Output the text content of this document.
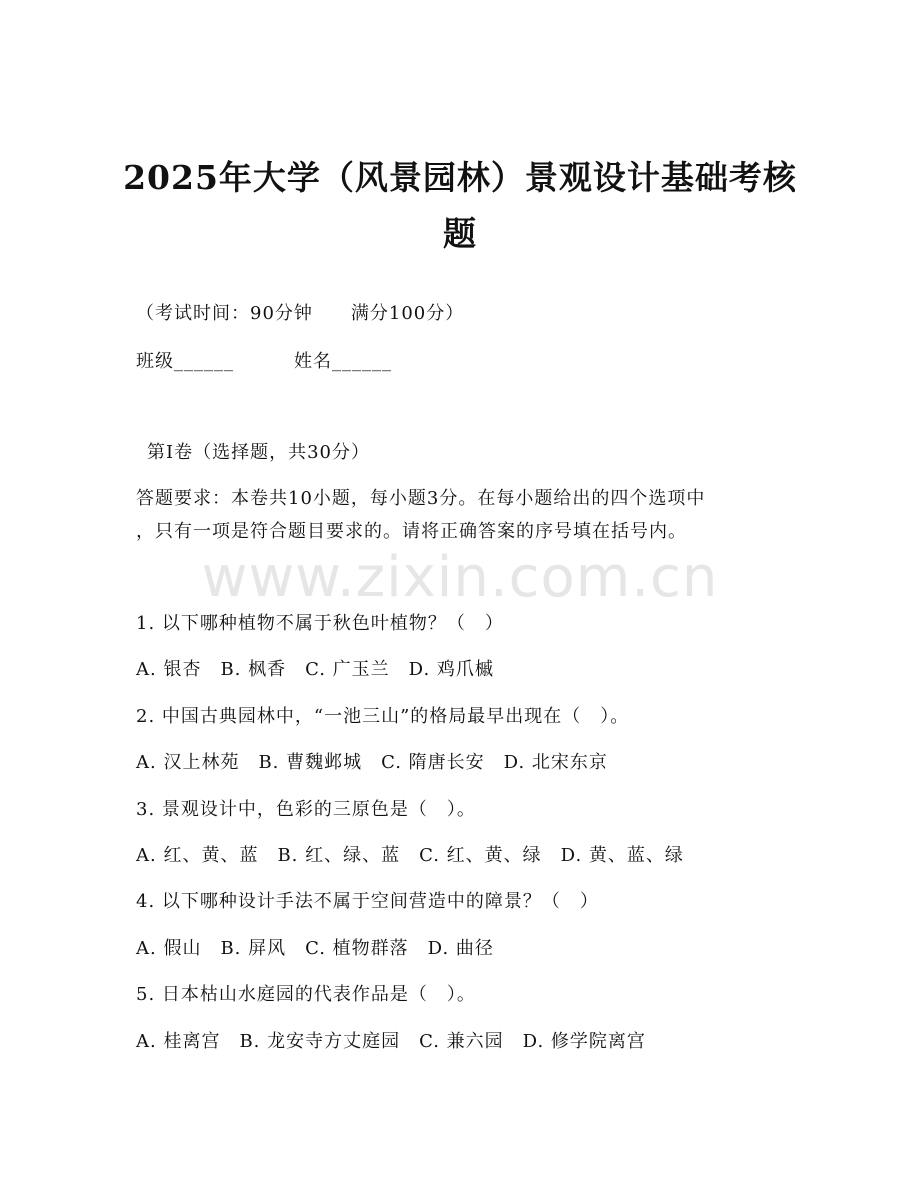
2025年大学（风景园林）景观设计基础考核
题
（考试时间：90分钟　　满分100分）
班级______	姓名______
第I卷（选择题，共30分）
答题要求：本卷共10小题，每小题3分。在每小题给出的四个选项中
，只有一项是符合题目要求的。请将正确答案的序号填在括号内。
www.zixin.com.cn
1. 以下哪种植物不属于秋色叶植物？（　）
A. 银杏　B. 枫香　C. 广玉兰　D. 鸡爪槭
2. 中国古典园林中，“一池三山”的格局最早出现在（　）。
A. 汉上林苑　B. 曹魏邺城　C. 隋唐长安　D. 北宋东京
3. 景观设计中，色彩的三原色是（　）。
A. 红、黄、蓝　B. 红、绿、蓝　C. 红、黄、绿　D. 黄、蓝、绿
4. 以下哪种设计手法不属于空间营造中的障景？（　）
A. 假山　B. 屏风　C. 植物群落　D. 曲径
5. 日本枯山水庭园的代表作品是（　）。
A. 桂离宫　B. 龙安寺方丈庭园　C. 兼六园　D. 修学院离宫
